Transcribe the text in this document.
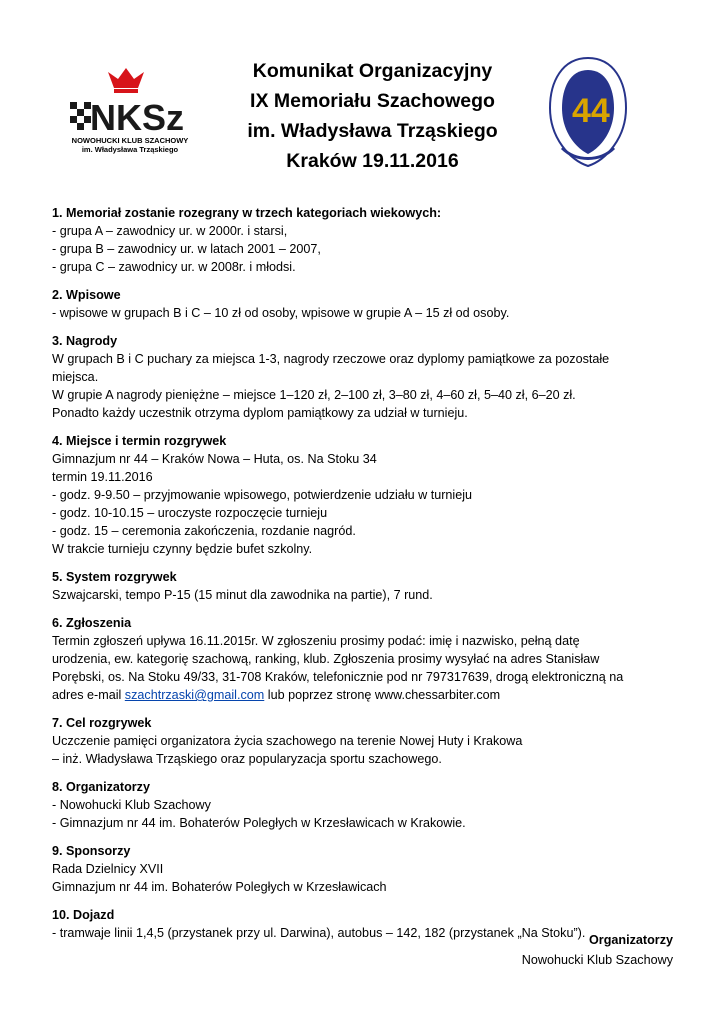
NKSz
NOWOHUCKI KLUB SZACHOWY
im. Władysława Trząskiego
Komunikat Organizacyjny
IX Memoriału Szachowego
im. Władysława Trząskiego
Kraków 19.11.2016
44
1. Memoriał zostanie rozegrany w trzech kategoriach wiekowych:
- grupa A – zawodnicy ur. w 2000r. i starsi,
- grupa B – zawodnicy ur. w latach 2001 – 2007,
- grupa C – zawodnicy ur. w 2008r. i młodsi.
2. Wpisowe
- wpisowe w grupach B i C – 10 zł od osoby, wpisowe w grupie A – 15 zł od osoby.
3. Nagrody
W grupach B i C puchary za miejsca 1-3, nagrody rzeczowe oraz dyplomy pamiątkowe za pozostałe
miejsca.
W grupie A nagrody pieniężne – miejsce 1–120 zł, 2–100 zł, 3–80 zł, 4–60 zł, 5–40 zł, 6–20 zł.
Ponadto każdy uczestnik otrzyma dyplom pamiątkowy za udział w turnieju.
4. Miejsce i termin rozgrywek
Gimnazjum nr 44 – Kraków Nowa – Huta, os. Na Stoku 34
termin 19.11.2016
- godz. 9-9.50 – przyjmowanie wpisowego, potwierdzenie udziału w turnieju
- godz. 10-10.15 – uroczyste rozpoczęcie turnieju
- godz. 15 – ceremonia zakończenia, rozdanie nagród.
W trakcie turnieju czynny będzie bufet szkolny.
5. System rozgrywek
Szwajcarski, tempo P-15 (15 minut dla zawodnika na partie), 7 rund.
6. Zgłoszenia
Termin zgłoszeń upływa 16.11.2015r. W zgłoszeniu prosimy podać: imię i nazwisko, pełną datę
urodzenia, ew. kategorię szachową, ranking, klub. Zgłoszenia prosimy wysyłać na adres Stanisław
Porębski, os. Na Stoku 49/33, 31-708 Kraków, telefonicznie pod nr 797317639, drogą elektroniczną na
adres e-mail szachtrzaski@gmail.com lub poprzez stronę www.chessarbiter.com
7. Cel rozgrywek
Uczczenie pamięci organizatora życia szachowego na terenie Nowej Huty i Krakowa
– inż. Władysława Trząskiego oraz popularyzacja sportu szachowego.
8. Organizatorzy
- Nowohucki Klub Szachowy
- Gimnazjum nr 44 im. Bohaterów Poległych w Krzesławicach w Krakowie.
9. Sponsorzy
Rada Dzielnicy XVII
Gimnazjum nr 44 im. Bohaterów Poległych w Krzesławicach
10. Dojazd
- tramwaje linii 1,4,5 (przystanek przy ul. Darwina), autobus – 142, 182 (przystanek „Na Stoku”). Organizatorzy
Nowohucki Klub Szachowy
